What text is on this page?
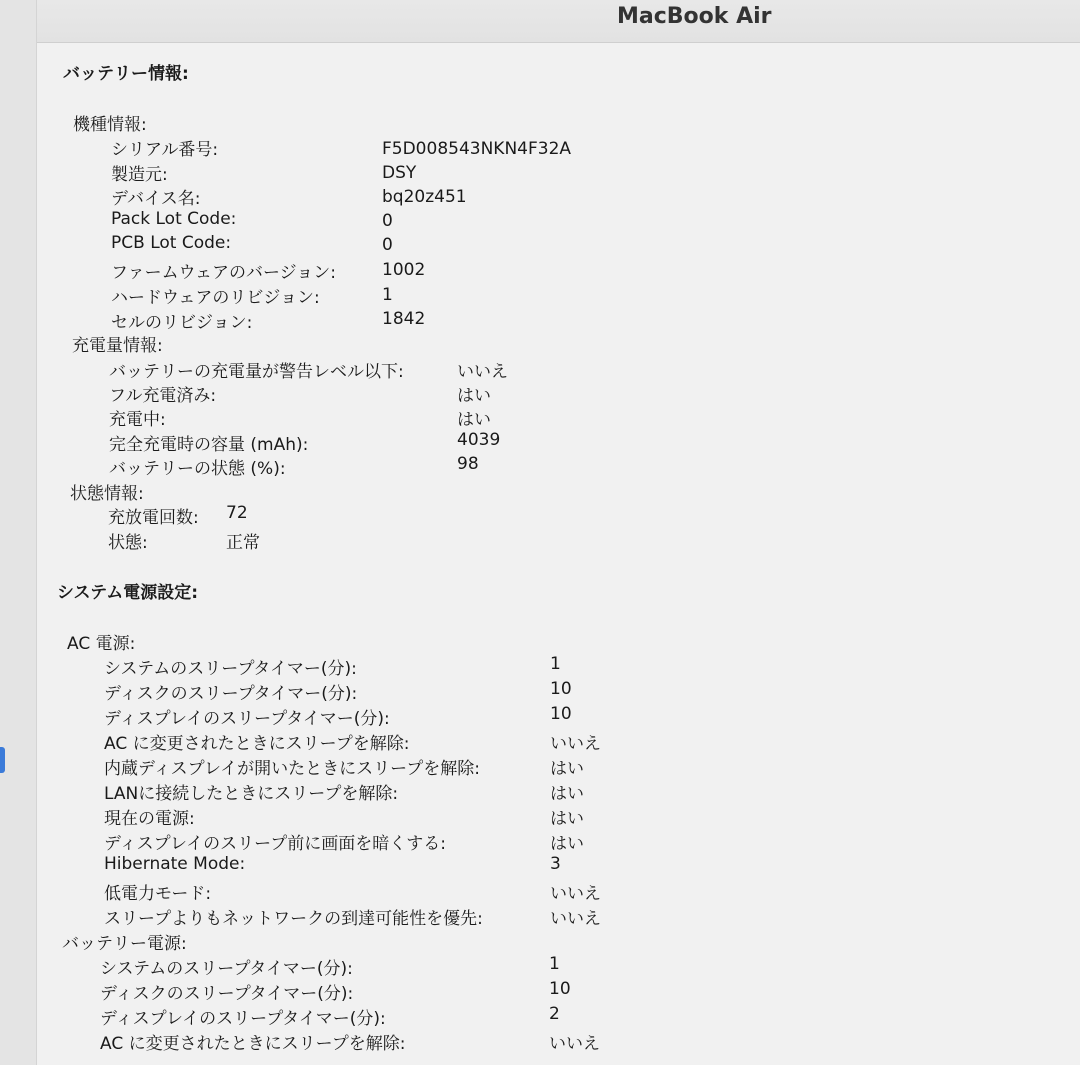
MacBook Air
バッテリー情報:
機種情報:
シリアル番号:	F5D008543NKN4F32A
製造元:	DSY
デバイス名:	bq20z451
Pack Lot Code:	0
PCB Lot Code:	0
ファームウェアのバージョン:	1002
ハードウェアのリビジョン:	1
セルのリビジョン:	1842
充電量情報:
バッテリーの充電量が警告レベル以下:	いいえ
フル充電済み:	はい
充電中:	はい
完全充電時の容量 (mAh):	4039
バッテリーの状態 (%):	98
状態情報:
充放電回数: 72
状態:	正常
システム電源設定:
AC 電源:
システムのスリープタイマー(分):	1
ディスクのスリープタイマー(分):	10
ディスプレイのスリープタイマー(分):	10
AC に変更されたときにスリープを解除:	いいえ
内蔵ディスプレイが開いたときにスリープを解除:	はい
LANに接続したときにスリープを解除:	はい
現在の電源:	はい
ディスプレイのスリープ前に画面を暗くする:	はい
Hibernate Mode:	3
低電力モード:	いいえ
スリープよりもネットワークの到達可能性を優先:	いいえ
バッテリー電源:
システムのスリープタイマー(分):	1
ディスクのスリープタイマー(分):	10
ディスプレイのスリープタイマー(分):	2
AC に変更されたときにスリープを解除:	いいえ
